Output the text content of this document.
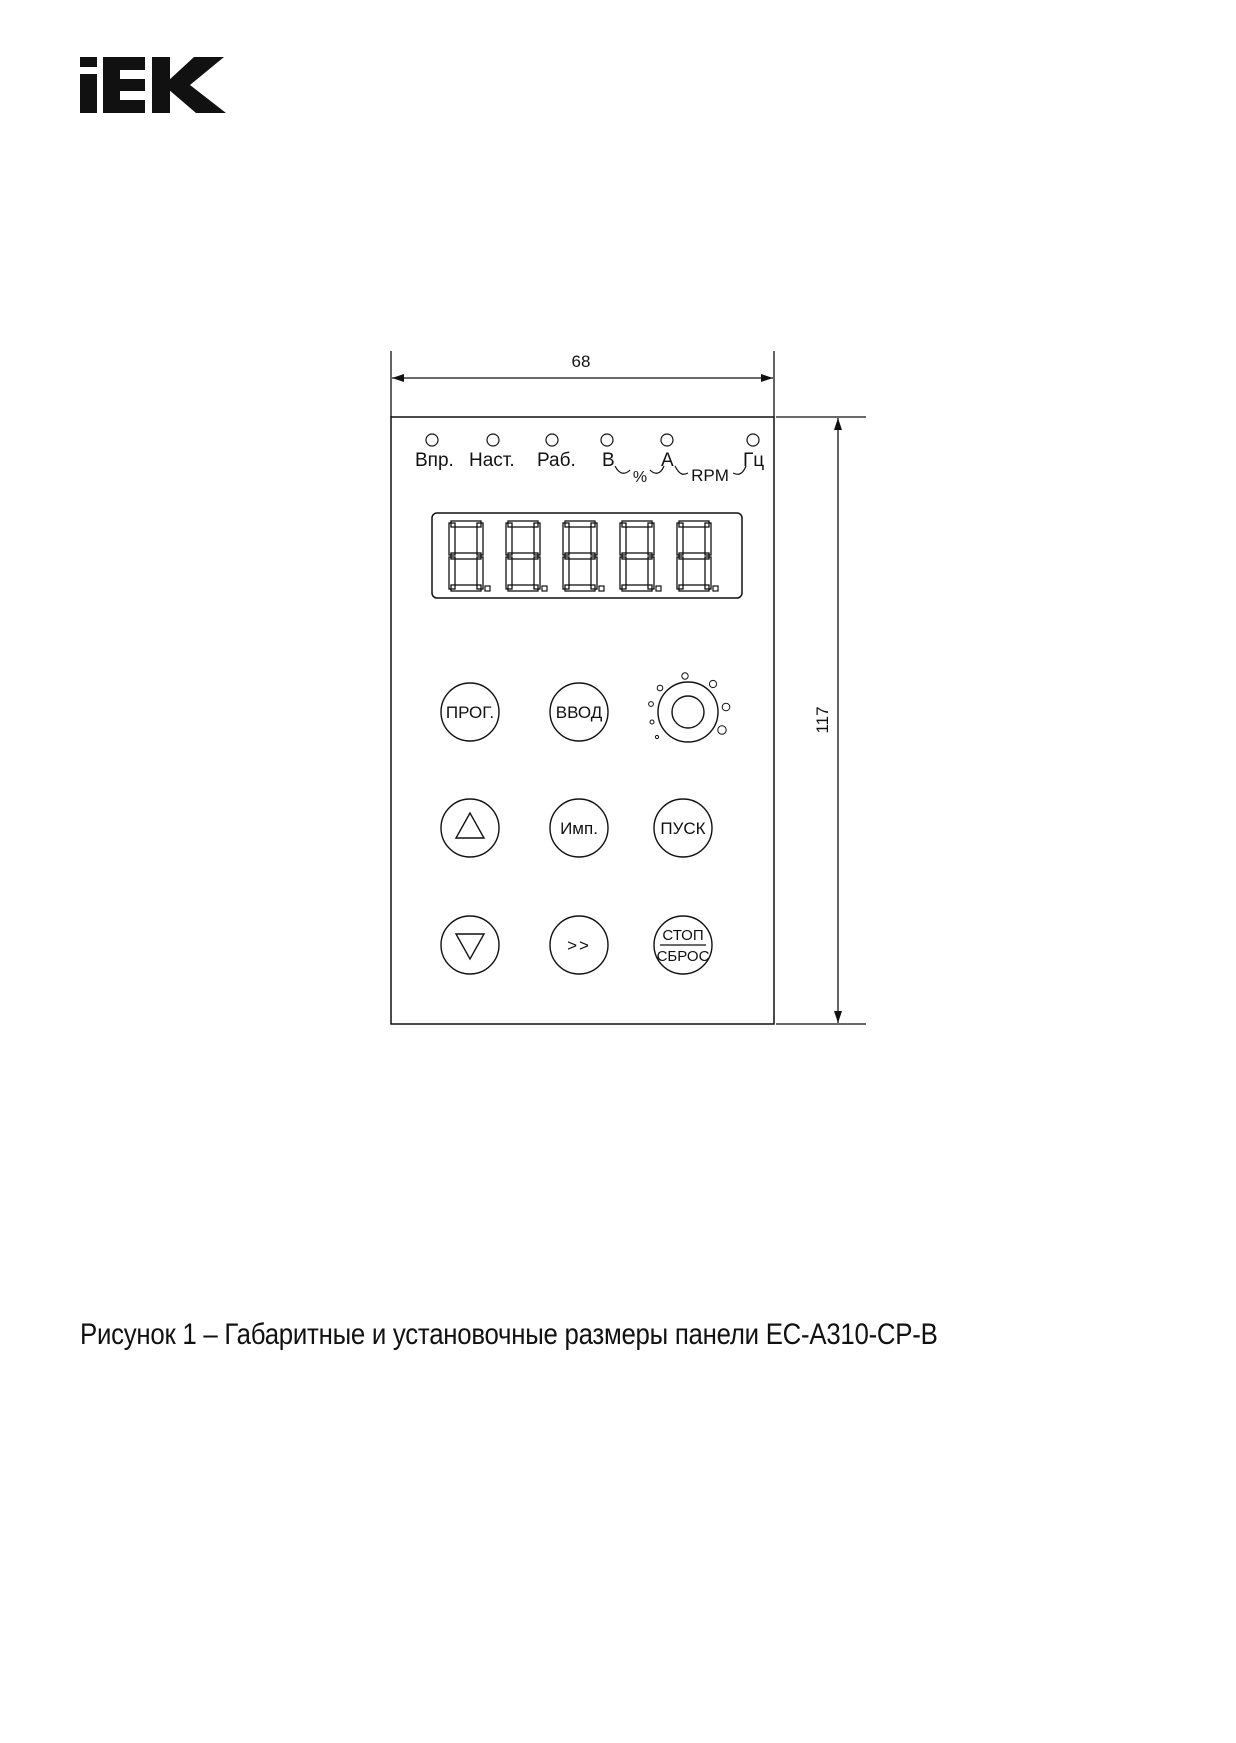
68
117
Впр. Наст. Раб. В А	Гц
%	RPM
ПРОГ.	ВВОД
Имп.	ПУСК
>>
СТОП
СБРОС
Рисунок 1 – Габаритные и установочные размеры панели EC-A310-CP-B
